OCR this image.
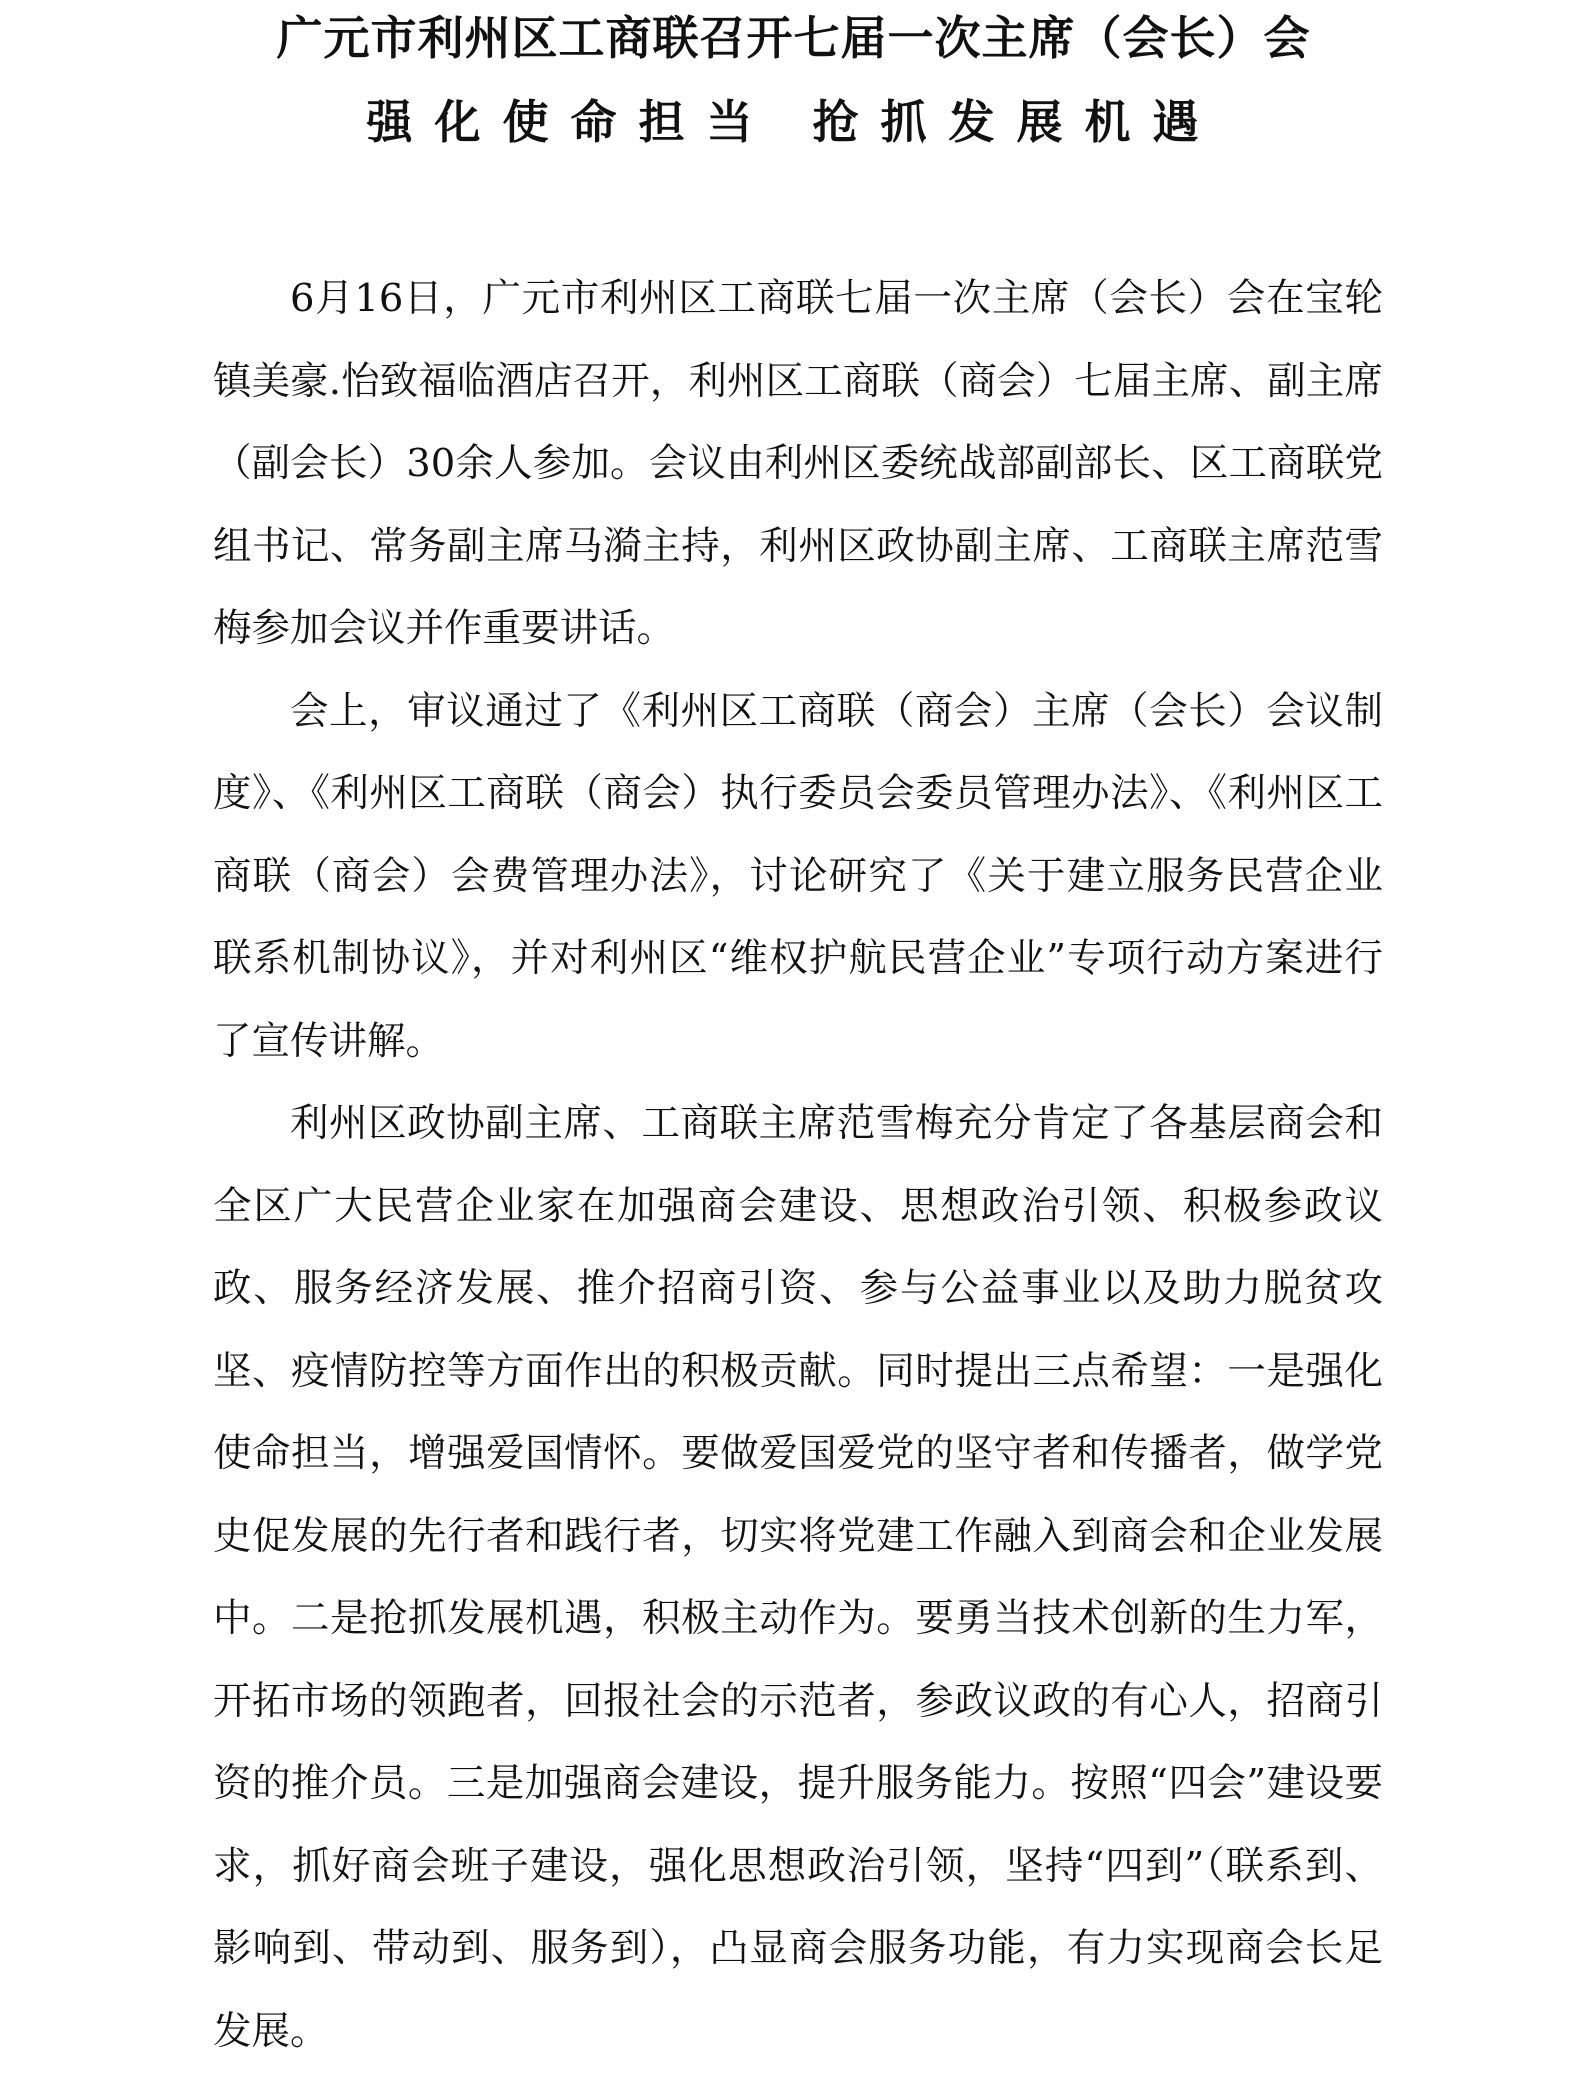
广元市利州区工商联召开七届一次主席（会长）会
强化使命担当 抢抓发展机遇

6月16日，广元市利州区工商联七届一次主席（会长）会在宝轮镇美豪.怡致福临酒店召开，利州区工商联（商会）七届主席、副主席（副会长）30余人参加。会议由利州区委统战部副部长、区工商联党组书记、常务副主席马漪主持，利州区政协副主席、工商联主席范雪梅参加会议并作重要讲话。

会上，审议通过了《利州区工商联（商会）主席（会长）会议制度》、《利州区工商联（商会）执行委员会委员管理办法》、《利州区工商联（商会）会费管理办法》，讨论研究了《关于建立服务民营企业联系机制协议》，并对利州区“维权护航民营企业”专项行动方案进行了宣传讲解。

利州区政协副主席、工商联主席范雪梅充分肯定了各基层商会和全区广大民营企业家在加强商会建设、思想政治引领、积极参政议政、服务经济发展、推介招商引资、参与公益事业以及助力脱贫攻坚、疫情防控等方面作出的积极贡献。同时提出三点希望：一是强化使命担当，增强爱国情怀。要做爱国爱党的坚守者和传播者，做学党史促发展的先行者和践行者，切实将党建工作融入到商会和企业发展中。二是抢抓发展机遇，积极主动作为。要勇当技术创新的生力军，开拓市场的领跑者，回报社会的示范者，参政议政的有心人，招商引资的推介员。三是加强商会建设，提升服务能力。按照“四会”建设要求，抓好商会班子建设，强化思想政治引领，坚持“四到”（联系到、影响到、带动到、服务到），凸显商会服务功能，有力实现商会长足发展。
